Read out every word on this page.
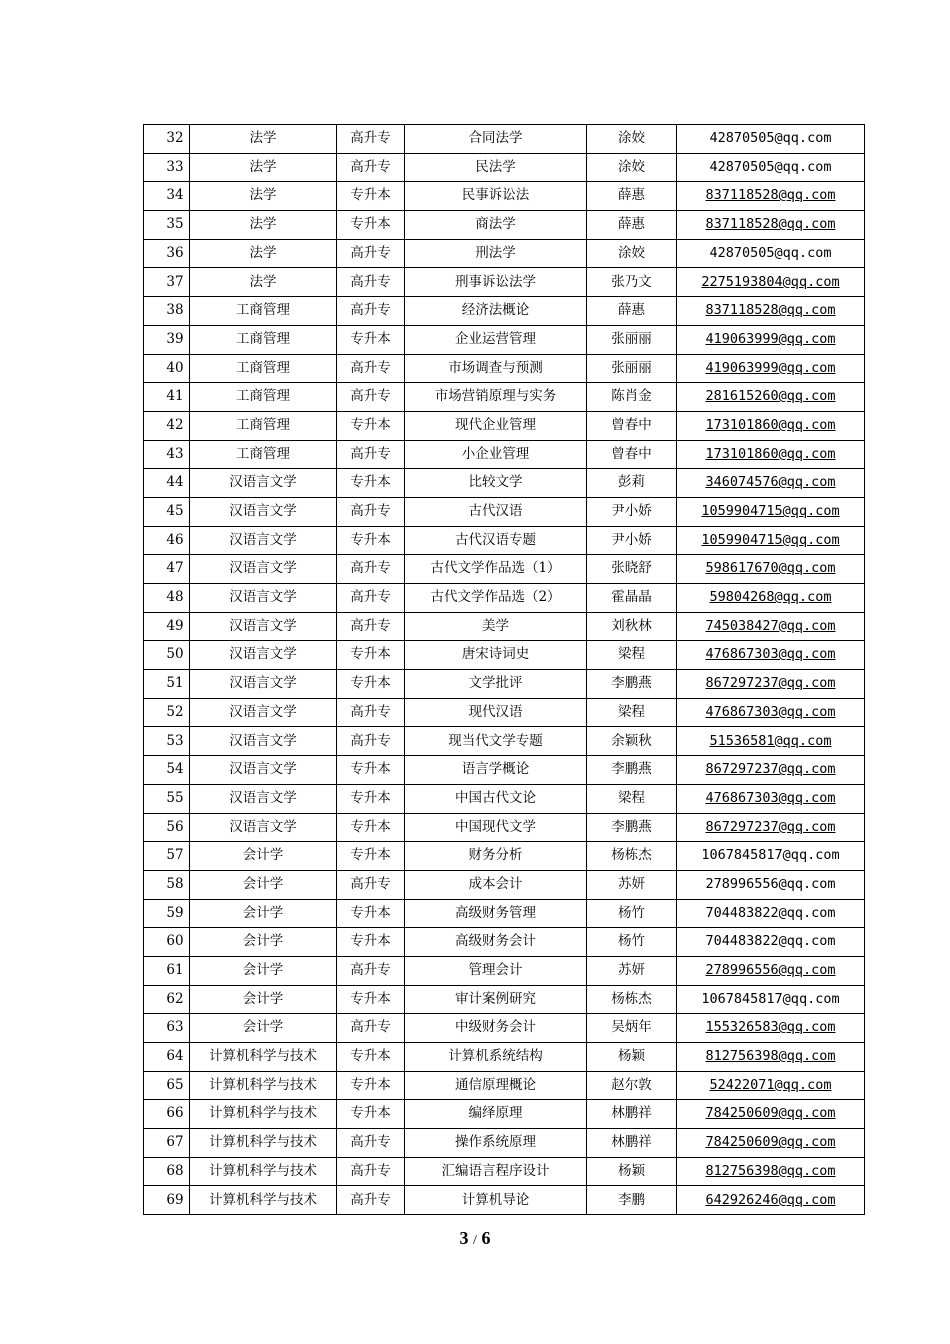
32	法学	高升专	合同法学	涂姣	42870505@qq.com
33	法学	高升专	民法学	涂姣	42870505@qq.com
34	法学	专升本	民事诉讼法	薛惠	837118528@qq.com
35	法学	专升本	商法学	薛惠	837118528@qq.com
36	法学	高升专	刑法学	涂姣	42870505@qq.com
37	法学	高升专	刑事诉讼法学	张乃文	2275193804@qq.com
38	工商管理	高升专	经济法概论	薛惠	837118528@qq.com
39	工商管理	专升本	企业运营管理	张丽丽	419063999@qq.com
40	工商管理	高升专	市场调查与预测	张丽丽	419063999@qq.com
41	工商管理	高升专	市场营销原理与实务	陈肖金	281615260@qq.com
42	工商管理	专升本	现代企业管理	曾春中	173101860@qq.com
43	工商管理	高升专	小企业管理	曾春中	173101860@qq.com
44	汉语言文学	专升本	比较文学	彭莉	346074576@qq.com
45	汉语言文学	高升专	古代汉语	尹小娇	1059904715@qq.com
46	汉语言文学	专升本	古代汉语专题	尹小娇	1059904715@qq.com
47	汉语言文学	高升专	古代文学作品选（1）	张晓舒	598617670@qq.com
48	汉语言文学	高升专	古代文学作品选（2）	霍晶晶	59804268@qq.com
49	汉语言文学	高升专	美学	刘秋林	745038427@qq.com
50	汉语言文学	专升本	唐宋诗词史	梁程	476867303@qq.com
51	汉语言文学	专升本	文学批评	李鹏燕	867297237@qq.com
52	汉语言文学	高升专	现代汉语	梁程	476867303@qq.com
53	汉语言文学	高升专	现当代文学专题	余颖秋	51536581@qq.com
54	汉语言文学	专升本	语言学概论	李鹏燕	867297237@qq.com
55	汉语言文学	专升本	中国古代文论	梁程	476867303@qq.com
56	汉语言文学	专升本	中国现代文学	李鹏燕	867297237@qq.com
57	会计学	专升本	财务分析	杨栋杰	1067845817@qq.com
58	会计学	高升专	成本会计	苏妍	278996556@qq.com
59	会计学	专升本	高级财务管理	杨竹	704483822@qq.com
60	会计学	专升本	高级财务会计	杨竹	704483822@qq.com
61	会计学	高升专	管理会计	苏妍	278996556@qq.com
62	会计学	专升本	审计案例研究	杨栋杰	1067845817@qq.com
63	会计学	高升专	中级财务会计	吴炳年	155326583@qq.com
64	计算机科学与技术	专升本	计算机系统结构	杨颖	812756398@qq.com
65	计算机科学与技术	专升本	通信原理概论	赵尔敦	52422071@qq.com
66	计算机科学与技术	专升本	编绎原理	林鹏祥	784250609@qq.com
67	计算机科学与技术	高升专	操作系统原理	林鹏祥	784250609@qq.com
68	计算机科学与技术	高升专	汇编语言程序设计	杨颖	812756398@qq.com
69	计算机科学与技术	高升专	计算机导论	李鹏	642926246@qq.com
3 / 6
